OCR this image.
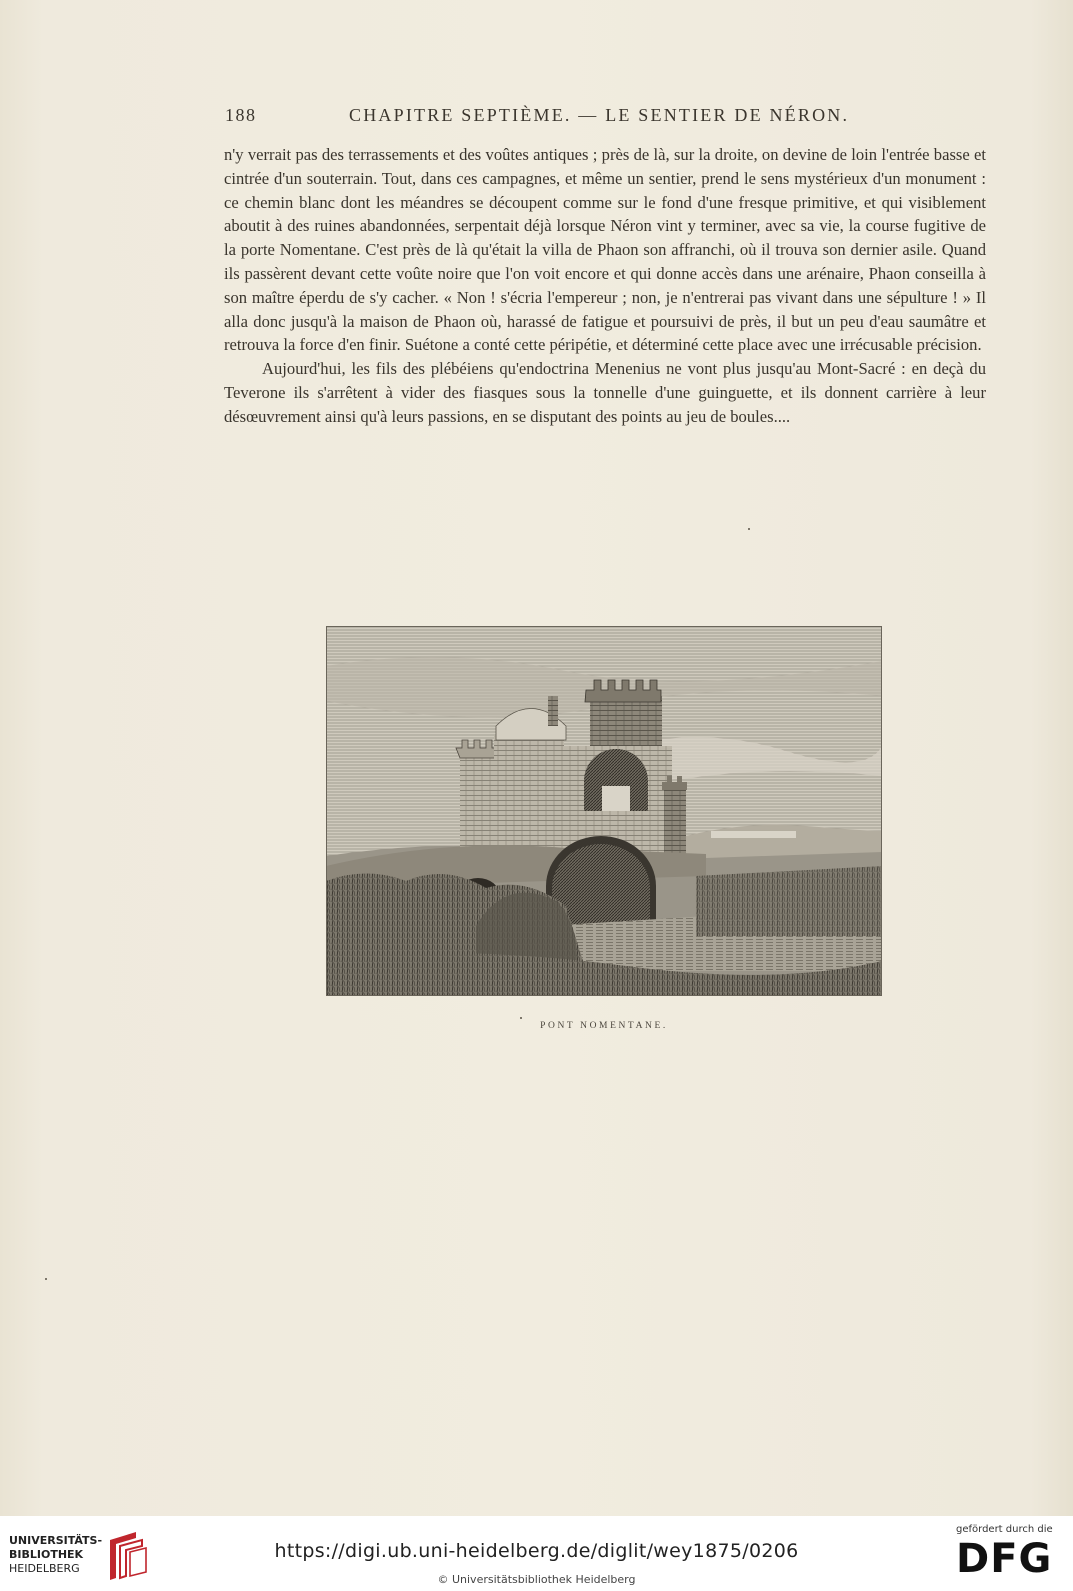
188	CHAPITRE SEPTIÈME. — LE SENTIER DE NÉRON.

n'y verrait pas des terrassements et des voûtes antiques ; près de là, sur la droite, on devine de loin l'entrée basse et cintrée d'un souterrain. Tout, dans ces campagnes, et même un sentier, prend le sens mystérieux d'un monument : ce chemin blanc dont les méandres se découpent comme sur le fond d'une fresque primitive, et qui visiblement aboutit à des ruines abandonnées, serpentait déjà lorsque Néron vint y terminer, avec sa vie, la course fugitive de la porte Nomentane. C'est près de là qu'était la villa de Phaon son affranchi, où il trouva son dernier asile. Quand ils passèrent devant cette voûte noire que l'on voit encore et qui donne accès dans une arénaire, Phaon conseilla à son maître éperdu de s'y cacher. « Non ! s'écria l'empereur ; non, je n'entrerai pas vivant dans une sépulture ! » Il alla donc jusqu'à la maison de Phaon où, harassé de fatigue et poursuivi de près, il but un peu d'eau saumâtre et retrouva la force d'en finir. Suétone a conté cette péripétie, et déterminé cette place avec une irrécusable précision.

Aujourd'hui, les fils des plébéiens qu'endoctrina Menenius ne vont plus jusqu'au Mont-Sacré : en deçà du Teverone ils s'arrêtent à vider des fiasques sous la tonnelle d'une guinguette, et ils donnent carrière à leur désœuvrement ainsi qu'à leurs passions, en se disputant des points au jeu de boules....

PONT NOMENTANE.
UNIVERSITÄTS-
BIBLIOTHEK
HEIDELBERG
https://digi.ub.uni-heidelberg.de/diglit/wey1875/0206
© Universitätsbibliothek Heidelberg
gefördert durch die
DFG
